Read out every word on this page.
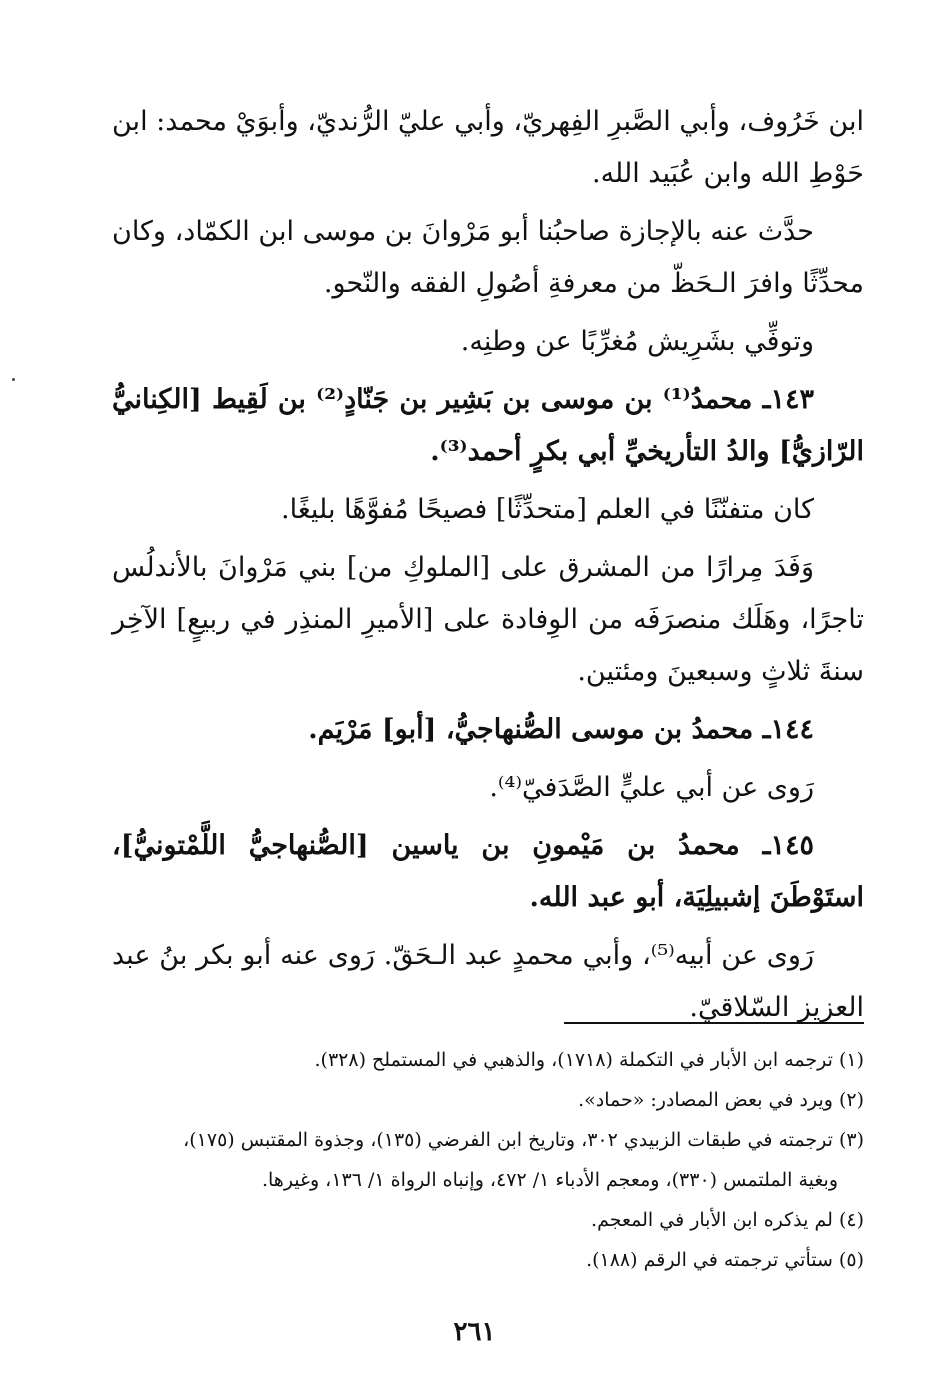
ابن خَرُوف، وأبي الصَّبرِ الفِهريّ، وأبي عليّ الرُّنديّ، وأبوَيْ محمد: ابن حَوْطِ الله وابن عُبَيد الله.

حدَّث عنه بالإجازة صاحبُنا أبو مَرْوانَ بن موسى ابن الكمّاد، وكان محدِّثًا وافرَ الـحَظّ من معرفةِ أصُولِ الفقه والنّحو.

وتوفِّي بشَرِيش مُغرِّبًا عن وطنِه.

١٤٣ـ محمدُ⁽¹⁾ بن موسى بن بَشِير بن جَنّادٍ⁽²⁾ بن لَقِيط [الكِنانيُّ الرّازيُّ] والدُ التأريخيِّ أبي بكرٍ أحمد⁽³⁾.

كان متفنّنًا في العلم [متحدِّثًا] فصيحًا مُفوَّهًا بليغًا.

وَفَدَ مِرارًا من المشرق على [الملوكِ من] بني مَرْوانَ بالأندلُس تاجرًا، وهَلَك منصرَفَه من الوِفادة على [الأميرِ المنذِر في ربيعٍ] الآخِر سنةَ ثلاثٍ وسبعينَ ومئتين.

١٤٤ـ محمدُ بن موسى الصُّنهاجيُّ، [أبو] مَرْيَم.

رَوى عن أبي عليٍّ الصَّدَفيّ⁽⁴⁾.

١٤٥ـ محمدُ بن مَيْمونِ بن ياسين [الصُّنهاجيُّ اللَّمْتونيُّ]، استَوْطَنَ إشبيلِيَة، أبو عبد الله.

رَوى عن أبيه⁽⁵⁾، وأبي محمدٍ عبد الـحَقّ. رَوى عنه أبو بكر بنُ عبد العزيز السّلاقيّ.

(١) ترجمه ابن الأبار في التكملة (١٧١٨)، والذهبي في المستملح (٣٢٨).

(٢) ويرد في بعض المصادر: «حماد».

(٣) ترجمته في طبقات الزبيدي ٣٠٢، وتاريخ ابن الفرضي (١٣٥)، وجذوة المقتبس (١٧٥)،

وبغية الملتمس (٣٣٠)، ومعجم الأدباء ١/ ٤٧٢، وإنباه الرواة ١/ ١٣٦، وغيرها.

(٤) لم يذكره ابن الأبار في المعجم.

(٥) ستأتي ترجمته في الرقم (١٨٨).

٢٦١
